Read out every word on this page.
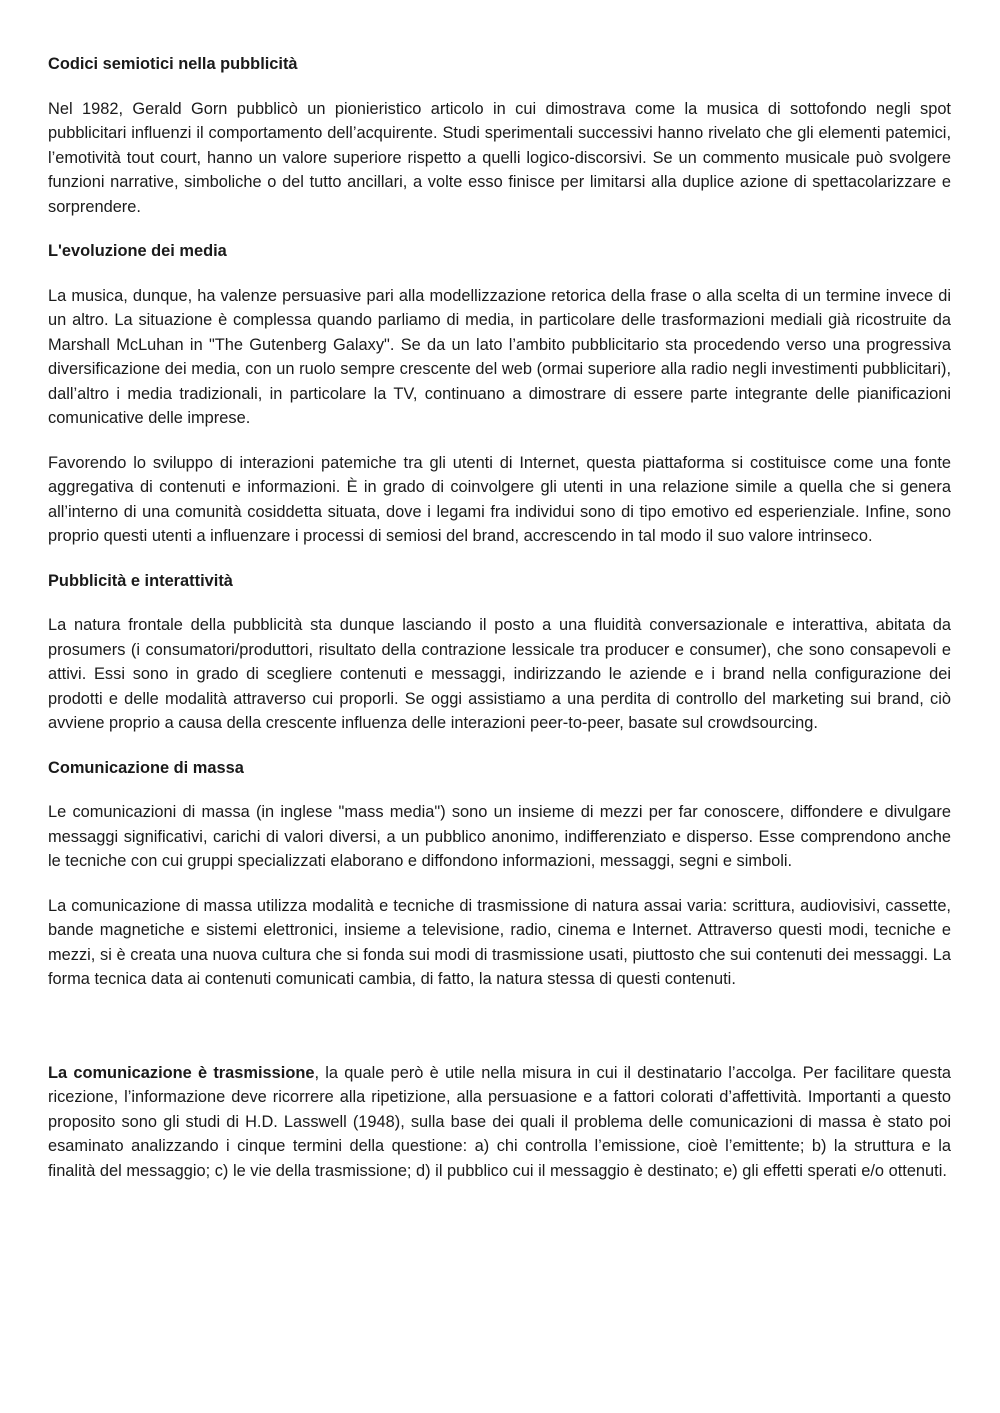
Codici semiotici nella pubblicità

Nel 1982, Gerald Gorn pubblicò un pionieristico articolo in cui dimostrava come la musica di sottofondo negli spot pubblicitari influenzi il comportamento dell’acquirente. Studi sperimentali successivi hanno rivelato che gli elementi patemici, l’emotività tout court, hanno un valore superiore rispetto a quelli logico-discorsivi. Se un commento musicale può svolgere funzioni narrative, simboliche o del tutto ancillari, a volte esso finisce per limitarsi alla duplice azione di spettacolarizzare e sorprendere.

L'evoluzione dei media

La musica, dunque, ha valenze persuasive pari alla modellizzazione retorica della frase o alla scelta di un termine invece di un altro. La situazione è complessa quando parliamo di media, in particolare delle trasformazioni mediali già ricostruite da Marshall McLuhan in "The Gutenberg Galaxy". Se da un lato l’ambito pubblicitario sta procedendo verso una progressiva diversificazione dei media, con un ruolo sempre crescente del web (ormai superiore alla radio negli investimenti pubblicitari), dall’altro i media tradizionali, in particolare la TV, continuano a dimostrare di essere parte integrante delle pianificazioni comunicative delle imprese.

Favorendo lo sviluppo di interazioni patemiche tra gli utenti di Internet, questa piattaforma si costituisce come una fonte aggregativa di contenuti e informazioni. È in grado di coinvolgere gli utenti in una relazione simile a quella che si genera all’interno di una comunità cosiddetta situata, dove i legami fra individui sono di tipo emotivo ed esperienziale. Infine, sono proprio questi utenti a influenzare i processi di semiosi del brand, accrescendo in tal modo il suo valore intrinseco.

Pubblicità e interattività

La natura frontale della pubblicità sta dunque lasciando il posto a una fluidità conversazionale e interattiva, abitata da prosumers (i consumatori/produttori, risultato della contrazione lessicale tra producer e consumer), che sono consapevoli e attivi. Essi sono in grado di scegliere contenuti e messaggi, indirizzando le aziende e i brand nella configurazione dei prodotti e delle modalità attraverso cui proporli. Se oggi assistiamo a una perdita di controllo del marketing sui brand, ciò avviene proprio a causa della crescente influenza delle interazioni peer-to-peer, basate sul crowdsourcing.

Comunicazione di massa

Le comunicazioni di massa (in inglese "mass media") sono un insieme di mezzi per far conoscere, diffondere e divulgare messaggi significativi, carichi di valori diversi, a un pubblico anonimo, indifferenziato e disperso. Esse comprendono anche le tecniche con cui gruppi specializzati elaborano e diffondono informazioni, messaggi, segni e simboli.

La comunicazione di massa utilizza modalità e tecniche di trasmissione di natura assai varia: scrittura, audiovisivi, cassette, bande magnetiche e sistemi elettronici, insieme a televisione, radio, cinema e Internet. Attraverso questi modi, tecniche e mezzi, si è creata una nuova cultura che si fonda sui modi di trasmissione usati, piuttosto che sui contenuti dei messaggi. La forma tecnica data ai contenuti comunicati cambia, di fatto, la natura stessa di questi contenuti.

La comunicazione è trasmissione, la quale però è utile nella misura in cui il destinatario l’accolga. Per facilitare questa ricezione, l’informazione deve ricorrere alla ripetizione, alla persuasione e a fattori colorati d’affettività. Importanti a questo proposito sono gli studi di H.D. Lasswell (1948), sulla base dei quali il problema delle comunicazioni di massa è stato poi esaminato analizzando i cinque termini della questione: a) chi controlla l’emissione, cioè l’emittente; b) la struttura e la finalità del messaggio; c) le vie della trasmissione; d) il pubblico cui il messaggio è destinato; e) gli effetti sperati e/o ottenuti.
